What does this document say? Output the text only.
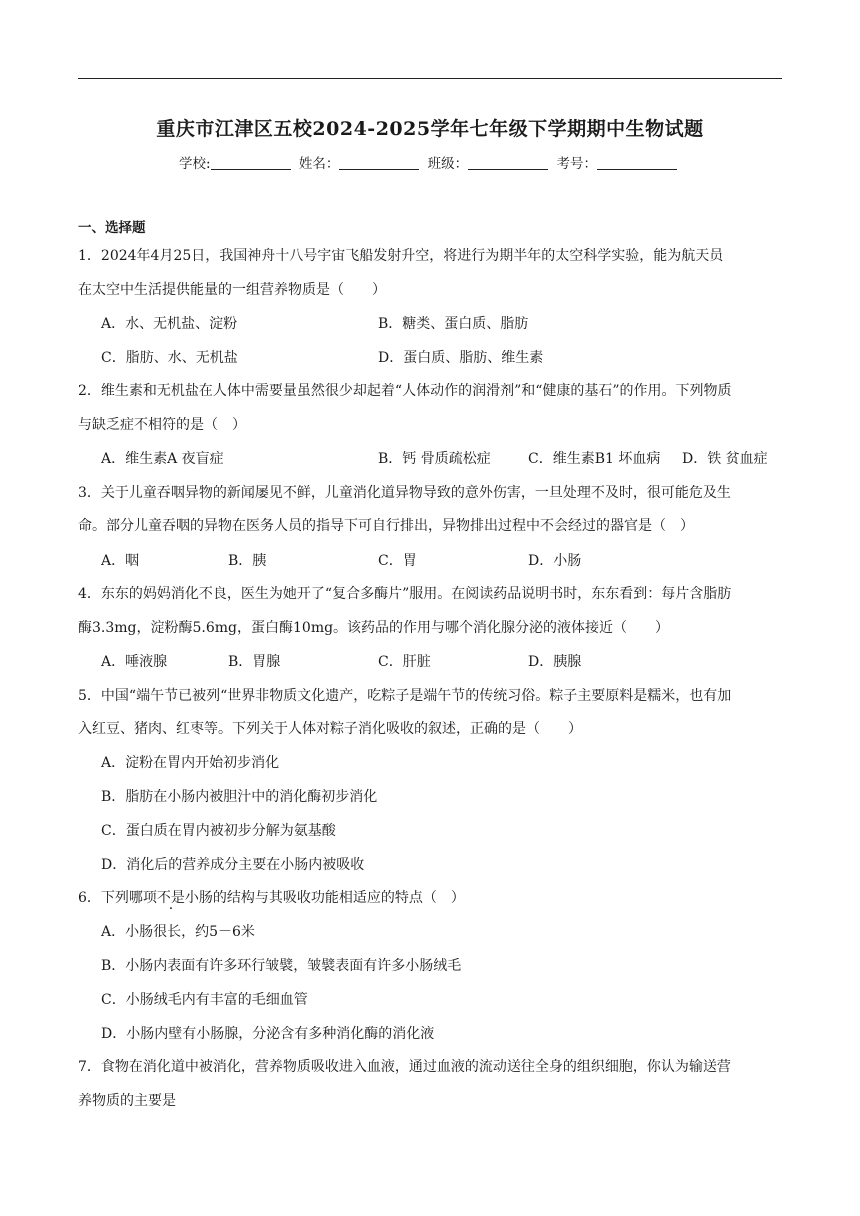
重庆市江津区五校2024-2025学年七年级下学期期中生物试题
学校:	姓名：	班级：	考号：
一、选择题
1．2024年4月25日，我国神舟十八号宇宙飞船发射升空，将进行为期半年的太空科学实验，能为航天员
在太空中生活提供能量的一组营养物质是（　　）
A．水、无机盐、淀粉	B．糖类、蛋白质、脂肪
C．脂肪、水、无机盐	D．蛋白质、脂肪、维生素
2．维生素和无机盐在人体中需要量虽然很少却起着“人体动作的润滑剂”和“健康的基石”的作用。下列物质
与缺乏症不相符的是（　）
A．维生素A 夜盲症	B．钙 骨质疏松症	C．维生素B1 坏血病 D．铁 贫血症
3．关于儿童吞咽异物的新闻屡见不鲜，儿童消化道异物导致的意外伤害，一旦处理不及时，很可能危及生
命。部分儿童吞咽的异物在医务人员的指导下可自行排出，异物排出过程中不会经过的器官是（　）
A．咽	B．胰	C．胃	D．小肠
4．东东的妈妈消化不良，医生为她开了“复合多酶片”服用。在阅读药品说明书时，东东看到：每片含脂肪
酶3.3mg，淀粉酶5.6mg，蛋白酶10mg。该药品的作用与哪个消化腺分泌的液体接近（　　）
A．唾液腺	B．胃腺	C．肝脏	D．胰腺
5．中国“端午节已被列“世界非物质文化遗产，吃粽子是端午节的传统习俗。粽子主要原料是糯米，也有加
入红豆、猪肉、红枣等。下列关于人体对粽子消化吸收的叙述，正确的是（　　）
A．淀粉在胃内开始初步消化
B．脂肪在小肠内被胆汁中的消化酶初步消化
C．蛋白质在胃内被初步分解为氨基酸
D．消化后的营养成分主要在小肠内被吸收
6．下列哪项不是小肠的结构与其吸收功能相适应的特点（　）
A．小肠很长，约5－6米
B．小肠内表面有许多环行皱襞，皱襞表面有许多小肠绒毛
C．小肠绒毛内有丰富的毛细血管
D．小肠内壁有小肠腺，分泌含有多种消化酶的消化液
7．食物在消化道中被消化，营养物质吸收进入血液，通过血液的流动送往全身的组织细胞，你认为输送营
养物质的主要是
